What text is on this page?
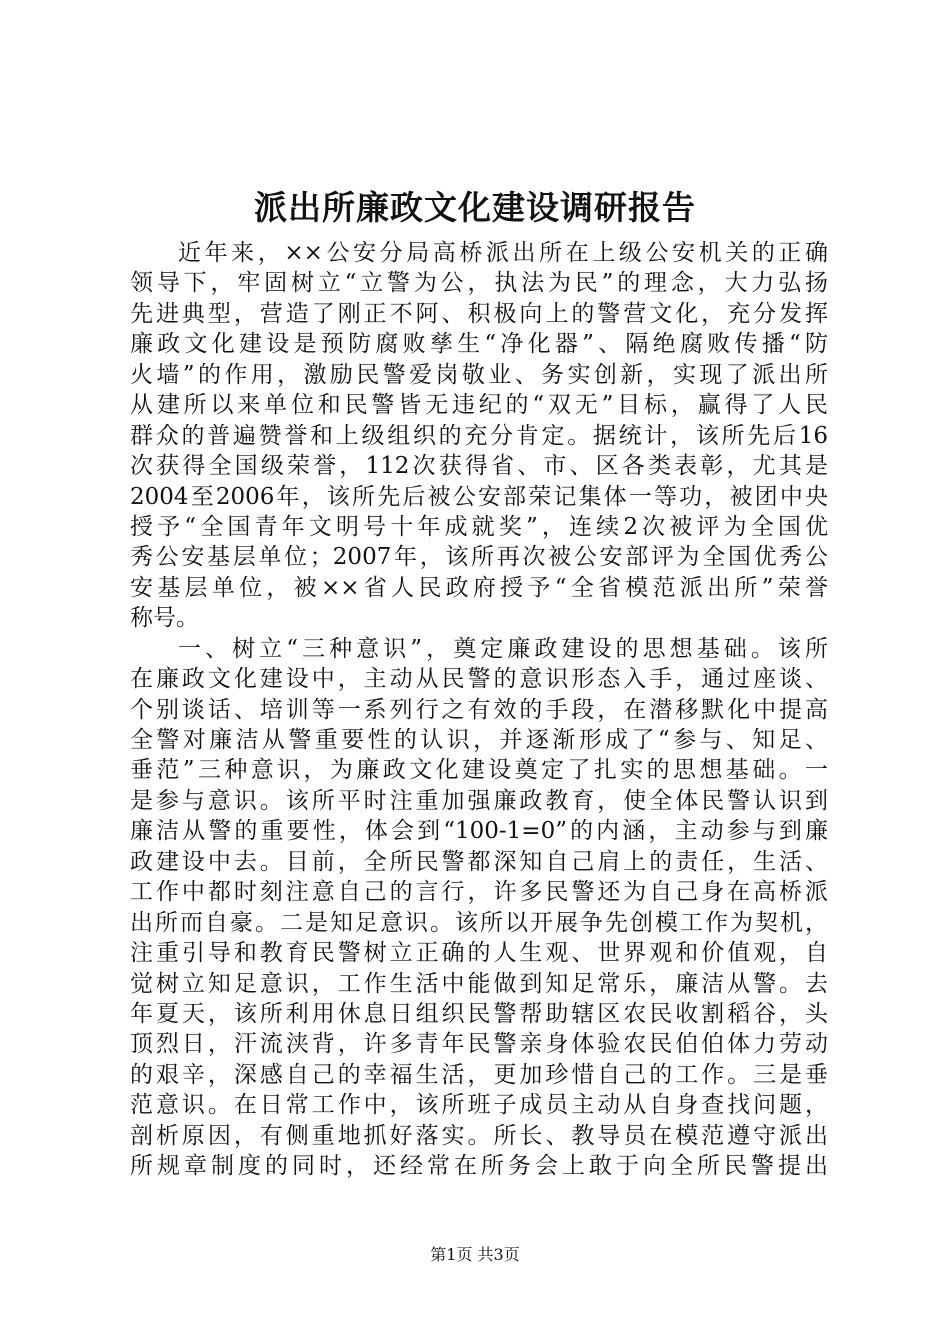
派出所廉政文化建设调研报告
近年来，××公安分局高桥派出所在上级公安机关的正确
领导下，牢固树立“立警为公，执法为民”的理念，大力弘扬
先进典型，营造了刚正不阿、积极向上的警营文化，充分发挥
廉政文化建设是预防腐败孳生“净化器”、隔绝腐败传播“防
火墙”的作用，激励民警爱岗敬业、务实创新，实现了派出所
从建所以来单位和民警皆无违纪的“双无”目标，赢得了人民
群众的普遍赞誉和上级组织的充分肯定。据统计，该所先后16
次获得全国级荣誉，112次获得省、市、区各类表彰，尤其是
2004至2006年，该所先后被公安部荣记集体一等功，被团中央
授予“全国青年文明号十年成就奖”，连续2次被评为全国优
秀公安基层单位；2007年，该所再次被公安部评为全国优秀公
安基层单位，被××省人民政府授予“全省模范派出所”荣誉
称号。
一、树立“三种意识”，奠定廉政建设的思想基础。该所
在廉政文化建设中，主动从民警的意识形态入手，通过座谈、
个别谈话、培训等一系列行之有效的手段，在潜移默化中提高
全警对廉洁从警重要性的认识，并逐渐形成了“参与、知足、
垂范”三种意识，为廉政文化建设奠定了扎实的思想基础。一
是参与意识。该所平时注重加强廉政教育，使全体民警认识到
廉洁从警的重要性，体会到“100-1=0”的内涵，主动参与到廉
政建设中去。目前，全所民警都深知自己肩上的责任，生活、
工作中都时刻注意自己的言行，许多民警还为自己身在高桥派
出所而自豪。二是知足意识。该所以开展争先创模工作为契机，
注重引导和教育民警树立正确的人生观、世界观和价值观，自
觉树立知足意识，工作生活中能做到知足常乐，廉洁从警。去
年夏天，该所利用休息日组织民警帮助辖区农民收割稻谷，头
顶烈日，汗流浃背，许多青年民警亲身体验农民伯伯体力劳动
的艰辛，深感自己的幸福生活，更加珍惜自己的工作。三是垂
范意识。在日常工作中，该所班子成员主动从自身查找问题，
剖析原因，有侧重地抓好落实。所长、教导员在模范遵守派出
所规章制度的同时，还经常在所务会上敢于向全所民警提出
第1页 共3页
